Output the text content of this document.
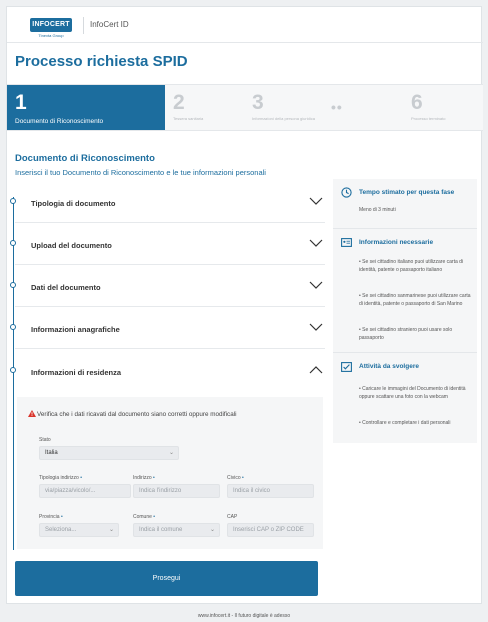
INFOCERT
Tinexta Group
InfoCert ID
Processo richiesta SPID
1
Documento di Riconoscimento
2
Tessera sanitaria
3
Informazioni della persona giuridica
••	6
Processo terminato
Documento di Riconoscimento
Inserisci il tuo Documento di Riconoscimento e le tue informazioni personali
Tipologia di documento
Upload del documento
Dati del documento
Informazioni anagrafiche
Informazioni di residenza
Verifica che i dati ricavati dal documento siano corretti oppure modificali
Stato
Italia	⌄
Tipologia indirizzo •
via/piazza/vicolo/...
Indirizzo •
Indica l'indirizzo
Civico •
Indica il civico
Provincia •
Seleziona...	⌄
Comune •
Indica il comune	⌄
CAP
Inserisci CAP o ZIP CODE
Tempo stimato per questa fase
Meno di 3 minuti
Informazioni necessarie
• Se sei cittadino italiano puoi utilizzare carta di identità, patente o passaporto italiano
• Se sei cittadino sanmarinese puoi utilizzare carta di identità, patente o passaporto di San Marino
• Se sei cittadino straniero puoi usare solo passaporto
Attività da svolgere
• Caricare le immagini del Documento di identità oppure scattare una foto con la webcam
• Controllare e completare i dati personali
Prosegui
www.infocert.it - Il futuro digitale è adesso
